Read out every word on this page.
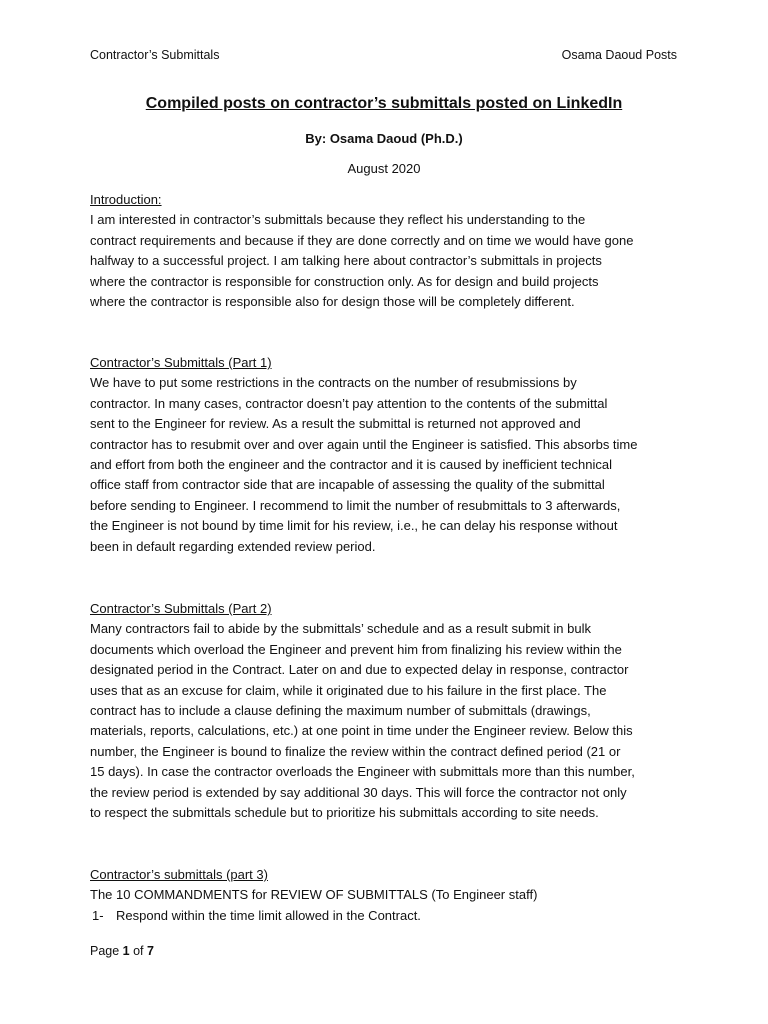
Contractor’s Submittals	Osama Daoud Posts
Compiled posts on contractor’s submittals posted on LinkedIn
By: Osama Daoud (Ph.D.)
August 2020
Introduction:
I am interested in contractor’s submittals because they reflect his understanding to the
contract requirements and because if they are done correctly and on time we would have gone
halfway to a successful project. I am talking here about contractor’s submittals in projects
where the contractor is responsible for construction only. As for design and build projects
where the contractor is responsible also for design those will be completely different.
Contractor’s Submittals (Part 1)
We have to put some restrictions in the contracts on the number of resubmissions by
contractor. In many cases, contractor doesn’t pay attention to the contents of the submittal
sent to the Engineer for review. As a result the submittal is returned not approved and
contractor has to resubmit over and over again until the Engineer is satisfied. This absorbs time
and effort from both the engineer and the contractor and it is caused by inefficient technical
office staff from contractor side that are incapable of assessing the quality of the submittal
before sending to Engineer. I recommend to limit the number of resubmittals to 3 afterwards,
the Engineer is not bound by time limit for his review, i.e., he can delay his response without
been in default regarding extended review period.
Contractor’s Submittals (Part 2)
Many contractors fail to abide by the submittals’ schedule and as a result submit in bulk
documents which overload the Engineer and prevent him from finalizing his review within the
designated period in the Contract. Later on and due to expected delay in response, contractor
uses that as an excuse for claim, while it originated due to his failure in the first place. The
contract has to include a clause defining the maximum number of submittals (drawings,
materials, reports, calculations, etc.) at one point in time under the Engineer review. Below this
number, the Engineer is bound to finalize the review within the contract defined period (21 or
15 days). In case the contractor overloads the Engineer with submittals more than this number,
the review period is extended by say additional 30 days. This will force the contractor not only
to respect the submittals schedule but to prioritize his submittals according to site needs.
Contractor’s submittals (part 3)
The 10 COMMANDMENTS for REVIEW OF SUBMITTALS (To Engineer staff)
1- Respond within the time limit allowed in the Contract.
Page 1 of 7
